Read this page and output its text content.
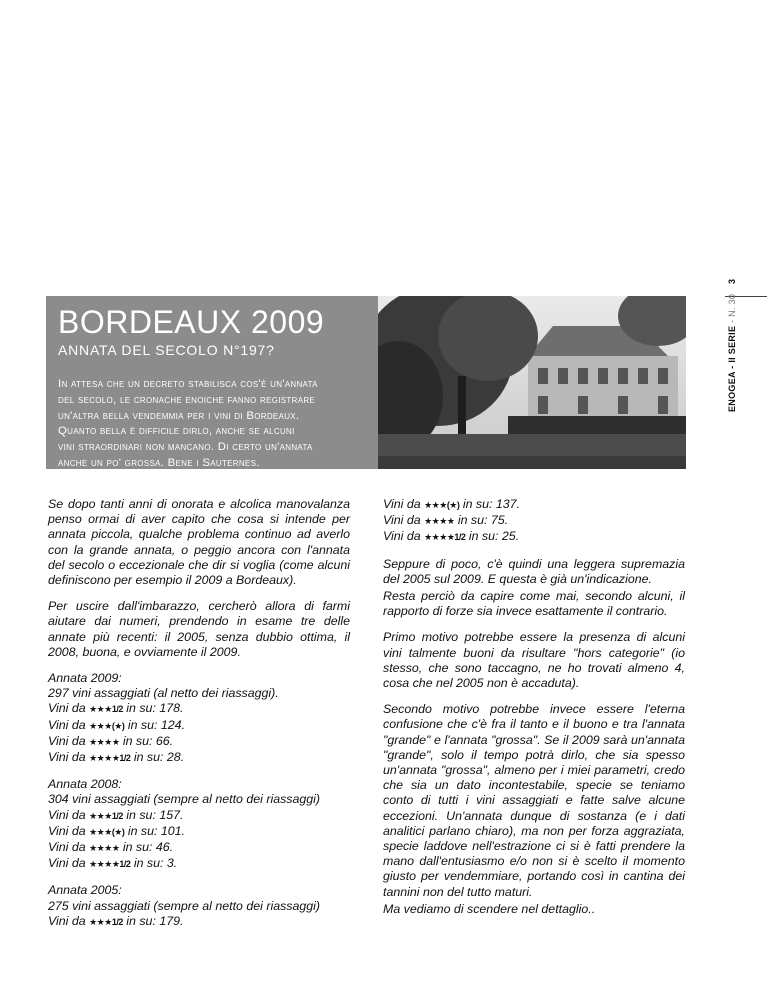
3
ENOGEA - II SERIE - N. 30
BORDEAUX 2009
ANNATA DEL SECOLO N°197?
In attesa che un decreto stabilisca cos'è un'annata
del secolo, le cronache enoiche fanno registrare
un'altra bella vendemmia per i vini di Bordeaux.
Quanto bella è difficile dirlo, anche se alcuni
vini straordinari non mancano. Di certo un'annata
anche un po' grossa. Bene i Sauternes.

Se dopo tanti anni di onorata e alcolica manovalanza penso ormai di aver capito che cosa si intende per annata piccola, qualche problema continuo ad averlo con la grande annata, o peggio ancora con l'annata del secolo o eccezionale che dir si voglia (come alcuni definiscono per esempio il 2009 a Bordeaux).

Per uscire dall'imbarazzo, cercherò allora di farmi aiutare dai numeri, prendendo in esame tre delle annate più recenti: il 2005, senza dubbio ottima, il 2008, buona, e ovviamente il 2009.

Annata 2009:
297 vini assaggiati (al netto dei riassaggi).
Vini da ★★★1/2 in su: 178.
Vini da ★★★(★) in su: 124.
Vini da ★★★★ in su: 66.
Vini da ★★★★1/2 in su: 28.
Annata 2008:
304 vini assaggiati (sempre al netto dei riassaggi)
Vini da ★★★1/2 in su: 157.
Vini da ★★★(★) in su: 101.
Vini da ★★★★ in su: 46.
Vini da ★★★★1/2 in su: 3.
Annata 2005:
275 vini assaggiati (sempre al netto dei riassaggi)
Vini da ★★★1/2 in su: 179.
Vini da ★★★(★) in su: 137.
Vini da ★★★★ in su: 75.
Vini da ★★★★1/2 in su: 25.

Seppure di poco, c'è quindi una leggera supremazia del 2005 sul 2009. E questa è già un'indicazione.

Resta perciò da capire come mai, secondo alcuni, il rapporto di forze sia invece esattamente il contrario.

Primo motivo potrebbe essere la presenza di alcuni vini talmente buoni da risultare "hors categorie" (io stesso, che sono taccagno, ne ho trovati almeno 4, cosa che nel 2005 non è accaduta).

Secondo motivo potrebbe invece essere l'eterna confusione che c'è fra il tanto e il buono e tra l'annata "grande" e l'annata "grossa". Se il 2009 sarà un'annata "grande", solo il tempo potrà dirlo, che sia spesso un'annata "grossa", almeno per i miei parametri, credo che sia un dato incontestabile, specie se teniamo conto di tutti i vini assaggiati e fatte salve alcune eccezioni. Un'annata dunque di sostanza (e i dati analitici parlano chiaro), ma non per forza aggraziata, specie laddove nell'estrazione ci si è fatti prendere la mano dall'entusiasmo e/o non si è scelto il momento giusto per vendemmiare, portando così in cantina dei tannini non del tutto maturi.

Ma vediamo di scendere nel dettaglio..
